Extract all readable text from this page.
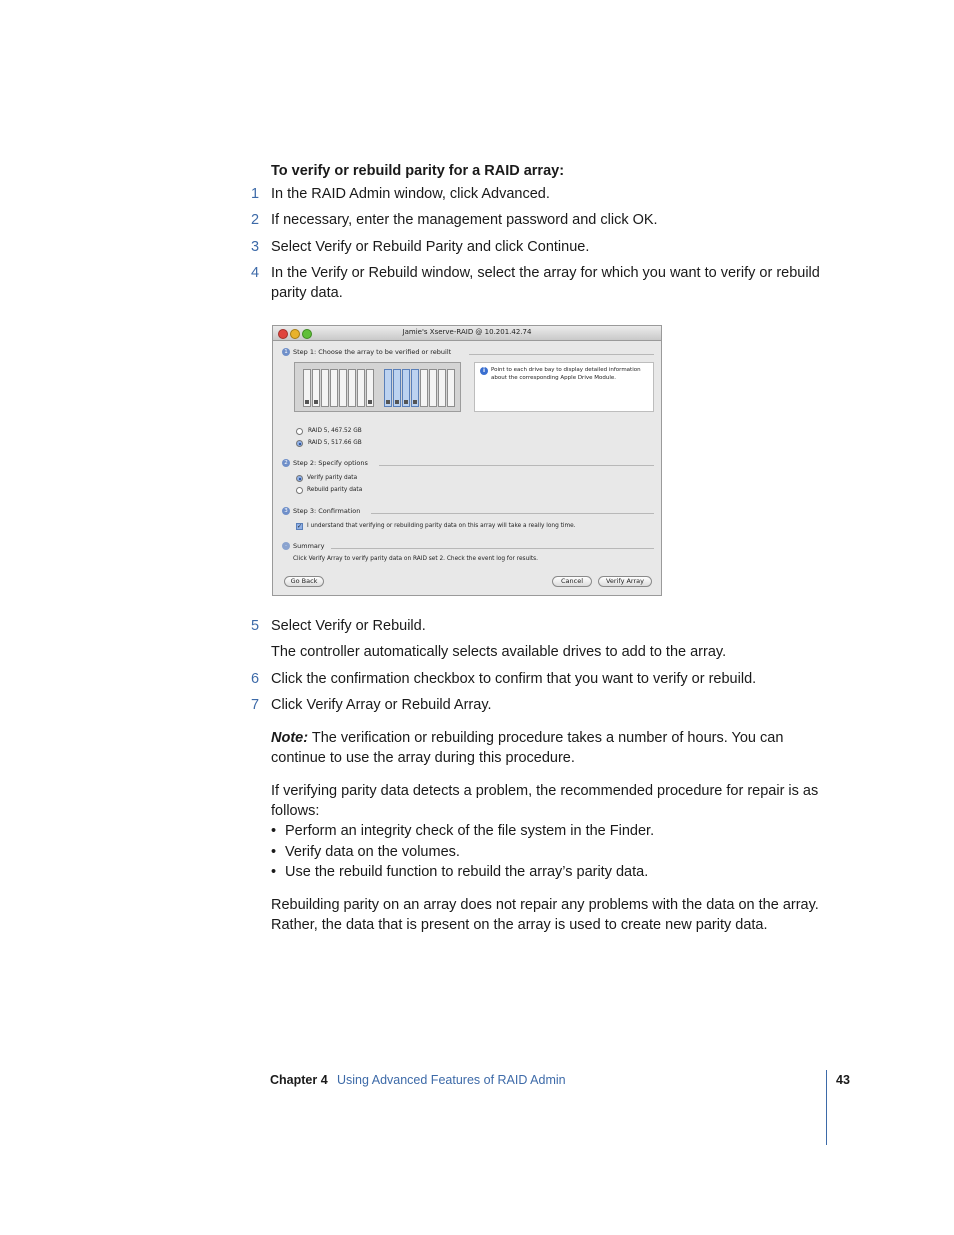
To verify or rebuild parity for a RAID array:
1 In the RAID Admin window, click Advanced.
2 If necessary, enter the management password and click OK.
3 Select Verify or Rebuild Parity and click Continue.
4 In the Verify or Rebuild window, select the array for which you want to verify or rebuild parity data.
Jamie's Xserve-RAID @ 10.201.42.74
1 Step 1: Choose the array to be verified or rebuilt
i	Point to each drive bay to display detailed information about the corresponding Apple Drive Module.
RAID 5, 467.52 GB
RAID 5, 517.66 GB
2 Step 2: Specify options
Verify parity data
Rebuild parity data
3 Step 3: Confirmation
✓ I understand that verifying or rebuilding parity data on this array will take a really long time.
· Summary
Click Verify Array to verify parity data on RAID set 2. Check the event log for results.
Go Back	Cancel	Verify Array
5 Select Verify or Rebuild.
The controller automatically selects available drives to add to the array.
6 Click the confirmation checkbox to confirm that you want to verify or rebuild.
7 Click Verify Array or Rebuild Array.
Note: The verification or rebuilding procedure takes a number of hours. You can continue to use the array during this procedure.
If verifying parity data detects a problem, the recommended procedure for repair is as follows:
• Perform an integrity check of the file system in the Finder.
• Verify data on the volumes.
• Use the rebuild function to rebuild the array’s parity data.
Rebuilding parity on an array does not repair any problems with the data on the array. Rather, the data that is present on the array is used to create new parity data.
Chapter 4 Using Advanced Features of RAID Admin	43
